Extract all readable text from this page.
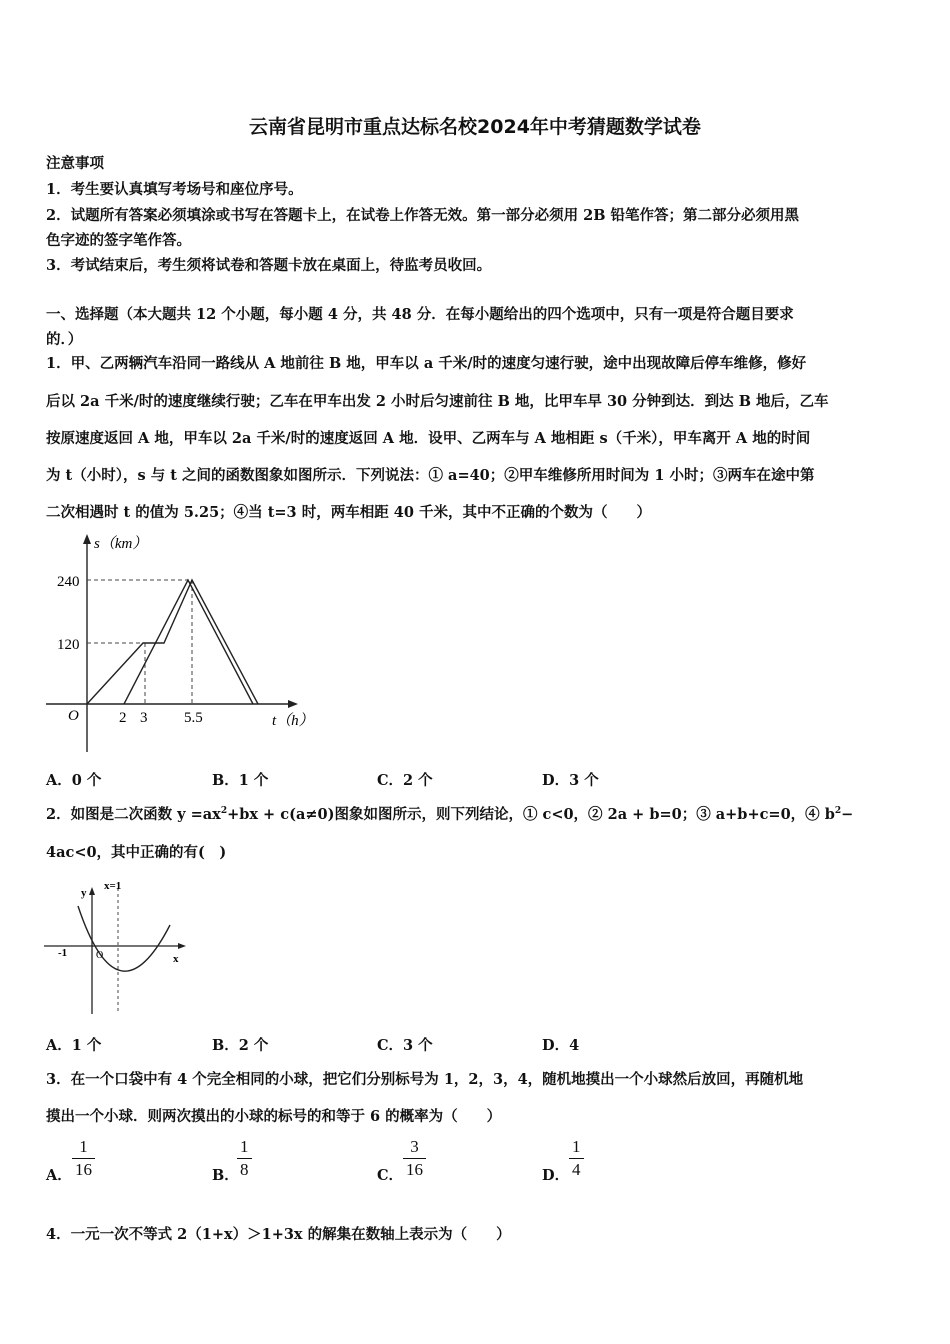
云南省昆明市重点达标名校2024年中考猜题数学试卷
注意事项
1．考生要认真填写考场号和座位序号。
2．试题所有答案必须填涂或书写在答题卡上，在试卷上作答无效。第一部分必须用 2B 铅笔作答；第二部分必须用黑
色字迹的签字笔作答。
3．考试结束后，考生须将试卷和答题卡放在桌面上，待监考员收回。
一、选择题（本大题共 12 个小题，每小题 4 分，共 48 分．在每小题给出的四个选项中，只有一项是符合题目要求
的．）
1．甲、乙两辆汽车沿同一路线从 A 地前往 B 地，甲车以 a 千米/时的速度匀速行驶，途中出现故障后停车维修，修好
后以 2a 千米/时的速度继续行驶；乙车在甲车出发 2 小时后匀速前往 B 地，比甲车早 30 分钟到达．到达 B 地后，乙车
按原速度返回 A 地，甲车以 2a 千米/时的速度返回 A 地．设甲、乙两车与 A 地相距 s（千米），甲车离开 A 地的时间
为 t（小时），s 与 t 之间的函数图象如图所示．下列说法：① a=40；②甲车维修所用时间为 1 小时；③两车在途中第
二次相遇时 t 的值为 5.25；④当 t=3 时，两车相距 40 千米，其中不正确的个数为（　　）
s（km）
t（h）
O
240
120
2 3 5.5
A．0 个	B．1 个	C．2 个	D．3 个
2．如图是二次函数 $y =ax^2+bx + c(a\ne 0)$图象如图所示，则下列结论，① c<0，② 2a + b=0；③ a+b+c=0，④ $b^2-$
4ac<0，其中正确的有(　)
x=1
y
x
-1	O
A．1 个	B．2 个	C．3 个	D．4
3．在一个口袋中有 4 个完全相同的小球，把它们分别标号为 1，2，3，4，随机地摸出一个小球然后放回，再随机地
摸出一个小球．则两次摸出的小球的标号的和等于 6 的概率为（　　）
A．
1
16	B．
1
8	C．
3
16	D．
1
4
4．一元一次不等式 2（1+x）＞1+3x 的解集在数轴上表示为（　　）
